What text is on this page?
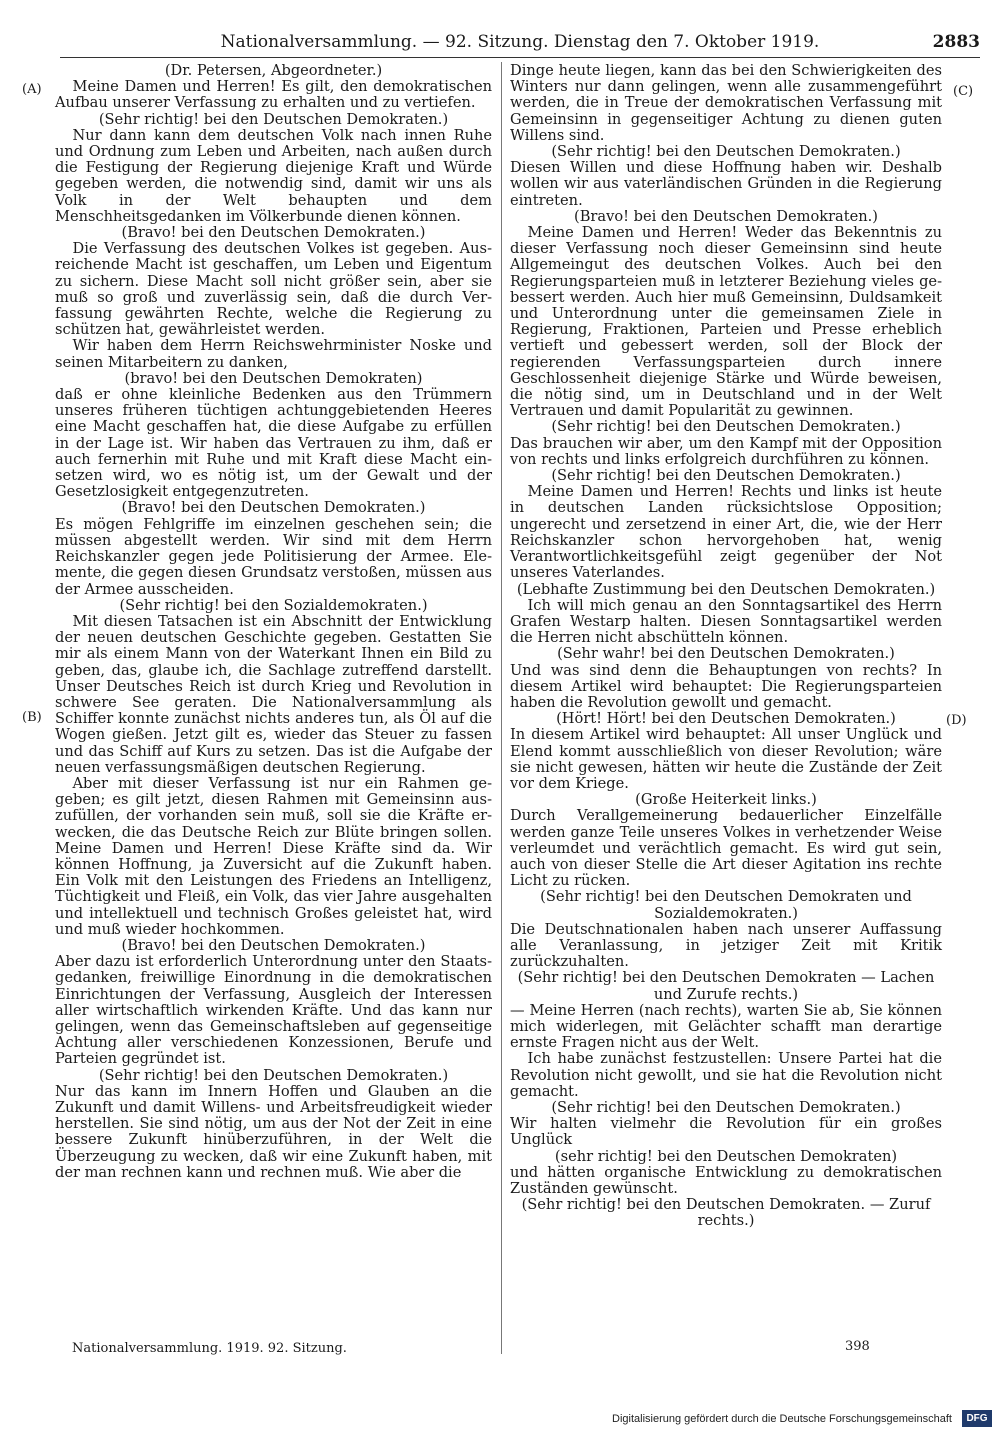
Nationalversammlung. — 92. Sitzung. Dienstag den 7. Oktober 1919.	2883
(A)
(B)
(C)
(D)

(Dr. Petersen, Abgeordneter.)

Meine Damen und Herren! Es gilt, den demokratischen Aufbau unserer Verfassung zu erhalten und zu vertiefen.

(Sehr richtig! bei den Deutschen Demokraten.)

Nur dann kann dem deutschen Volk nach innen Ruhe und Ordnung zum Leben und Arbeiten, nach außen durch die Festigung der Regierung diejenige Kraft und Würde gegeben werden, die notwendig sind, damit wir uns als Volk in der Welt behaupten und dem Menschheitsgedanken im Völkerbunde dienen können.

(Bravo! bei den Deutschen Demokraten.)

Die Verfassung des deutschen Volkes ist gegeben. Ausreichende Macht ist geschaffen, um Leben und Eigentum zu sichern. Diese Macht soll nicht größer sein, aber sie muß so groß und zuverlässig sein, daß die durch Verfassung gewährten Rechte, welche die Regierung zu schützen hat, gewährleistet werden.

Wir haben dem Herrn Reichswehrminister Noske und seinen Mitarbeitern zu danken,

(bravo! bei den Deutschen Demokraten)

daß er ohne kleinliche Bedenken aus den Trümmern unseres früheren tüchtigen achtunggebietenden Heeres eine Macht geschaffen hat, die diese Aufgabe zu erfüllen in der Lage ist. Wir haben das Vertrauen zu ihm, daß er auch fernerhin mit Ruhe und mit Kraft diese Macht einsetzen wird, wo es nötig ist, um der Gewalt und der Gesetzlosigkeit entgegenzutreten.

(Bravo! bei den Deutschen Demokraten.)

Es mögen Fehlgriffe im einzelnen geschehen sein; die müssen abgestellt werden. Wir sind mit dem Herrn Reichskanzler gegen jede Politisierung der Armee. Elemente, die gegen diesen Grundsatz verstoßen, müssen aus der Armee ausscheiden.

(Sehr richtig! bei den Sozialdemokraten.)

Mit diesen Tatsachen ist ein Abschnitt der Entwicklung der neuen deutschen Geschichte gegeben. Gestatten Sie mir als einem Mann von der Waterkant Ihnen ein Bild zu geben, das, glaube ich, die Sachlage zutreffend darstellt. Unser Deutsches Reich ist durch Krieg und Revolution in schwere See geraten. Die Nationalversammlung als Schiffer konnte zunächst nichts anderes tun, als Öl auf die Wogen gießen. Jetzt gilt es, wieder das Steuer zu fassen und das Schiff auf Kurs zu setzen. Das ist die Aufgabe der neuen verfassungsmäßigen deutschen Regierung.

Aber mit dieser Verfassung ist nur ein Rahmen gegeben; es gilt jetzt, diesen Rahmen mit Gemeinsinn auszufüllen, der vorhanden sein muß, soll sie die Kräfte erwecken, die das Deutsche Reich zur Blüte bringen sollen. Meine Damen und Herren! Diese Kräfte sind da. Wir können Hoffnung, ja Zuversicht auf die Zukunft haben. Ein Volk mit den Leistungen des Friedens an Intelligenz, Tüchtigkeit und Fleiß, ein Volk, das vier Jahre ausgehalten und intellektuell und technisch Großes geleistet hat, wird und muß wieder hochkommen.

(Bravo! bei den Deutschen Demokraten.)

Aber dazu ist erforderlich Unterordnung unter den Staatsgedanken, freiwillige Einordnung in die demokratischen Einrichtungen der Verfassung, Ausgleich der Interessen aller wirtschaftlich wirkenden Kräfte. Und das kann nur gelingen, wenn das Gemeinschaftsleben auf gegenseitige Achtung aller verschiedenen Konzessionen, Berufe und Parteien gegründet ist.

(Sehr richtig! bei den Deutschen Demokraten.)

Nur das kann im Innern Hoffen und Glauben an die Zukunft und damit Willens- und Arbeitsfreudigkeit wieder herstellen. Sie sind nötig, um aus der Not der Zeit in eine bessere Zukunft hinüberzuführen, in der Welt die Überzeugung zu wecken, daß wir eine Zukunft haben, mit der man rechnen kann und rechnen muß. Wie aber die

Dinge heute liegen, kann das bei den Schwierigkeiten des Winters nur dann gelingen, wenn alle zusammengeführt werden, die in Treue der demokratischen Verfassung mit Gemeinsinn in gegenseitiger Achtung zu dienen guten Willens sind.

(Sehr richtig! bei den Deutschen Demokraten.)

Diesen Willen und diese Hoffnung haben wir. Deshalb wollen wir aus vaterländischen Gründen in die Regierung eintreten.

(Bravo! bei den Deutschen Demokraten.)

Meine Damen und Herren! Weder das Bekenntnis zu dieser Verfassung noch dieser Gemeinsinn sind heute Allgemeingut des deutschen Volkes. Auch bei den Regierungsparteien muß in letzterer Beziehung vieles gebessert werden. Auch hier muß Gemeinsinn, Duldsamkeit und Unterordnung unter die gemeinsamen Ziele in Regierung, Fraktionen, Parteien und Presse erheblich vertieft und gebessert werden, soll der Block der regierenden Verfassungsparteien durch innere Geschlossenheit diejenige Stärke und Würde beweisen, die nötig sind, um in Deutschland und in der Welt Vertrauen und damit Popularität zu gewinnen.

(Sehr richtig! bei den Deutschen Demokraten.)

Das brauchen wir aber, um den Kampf mit der Opposition von rechts und links erfolgreich durchführen zu können.

(Sehr richtig! bei den Deutschen Demokraten.)

Meine Damen und Herren! Rechts und links ist heute in deutschen Landen rücksichtslose Opposition; ungerecht und zersetzend in einer Art, die, wie der Herr Reichskanzler schon hervorgehoben hat, wenig Verantwortlichkeitsgefühl zeigt gegenüber der Not unseres Vaterlandes.

(Lebhafte Zustimmung bei den Deutschen Demokraten.)

Ich will mich genau an den Sonntagsartikel des Herrn Grafen Westarp halten. Diesen Sonntagsartikel werden die Herren nicht abschütteln können.

(Sehr wahr! bei den Deutschen Demokraten.)

Und was sind denn die Behauptungen von rechts? In diesem Artikel wird behauptet: Die Regierungsparteien haben die Revolution gewollt und gemacht.

(Hört! Hört! bei den Deutschen Demokraten.)

In diesem Artikel wird behauptet: All unser Unglück und Elend kommt ausschließlich von dieser Revolution; wäre sie nicht gewesen, hätten wir heute die Zustände der Zeit vor dem Kriege.

(Große Heiterkeit links.)

Durch Verallgemeinerung bedauerlicher Einzelfälle werden ganze Teile unseres Volkes in verhetzender Weise verleumdet und verächtlich gemacht. Es wird gut sein, auch von dieser Stelle die Art dieser Agitation ins rechte Licht zu rücken.

(Sehr richtig! bei den Deutschen Demokraten und Sozialdemokraten.)

Die Deutschnationalen haben nach unserer Auffassung alle Veranlassung, in jetziger Zeit mit Kritik zurückzuhalten.

(Sehr richtig! bei den Deutschen Demokraten — Lachen und Zurufe rechts.)

— Meine Herren (nach rechts), warten Sie ab, Sie können mich widerlegen, mit Gelächter schafft man derartige ernste Fragen nicht aus der Welt.

Ich habe zunächst festzustellen: Unsere Partei hat die Revolution nicht gewollt, und sie hat die Revolution nicht gemacht.

(Sehr richtig! bei den Deutschen Demokraten.)

Wir halten vielmehr die Revolution für ein großes Unglück

(sehr richtig! bei den Deutschen Demokraten)

und hätten organische Entwicklung zu demokratischen Zuständen gewünscht.

(Sehr richtig! bei den Deutschen Demokraten. — Zuruf rechts.)

Nationalversammlung. 1919. 92. Sitzung.	398
Digitalisierung gefördert durch die Deutsche Forschungsgemeinschaft	DFG
